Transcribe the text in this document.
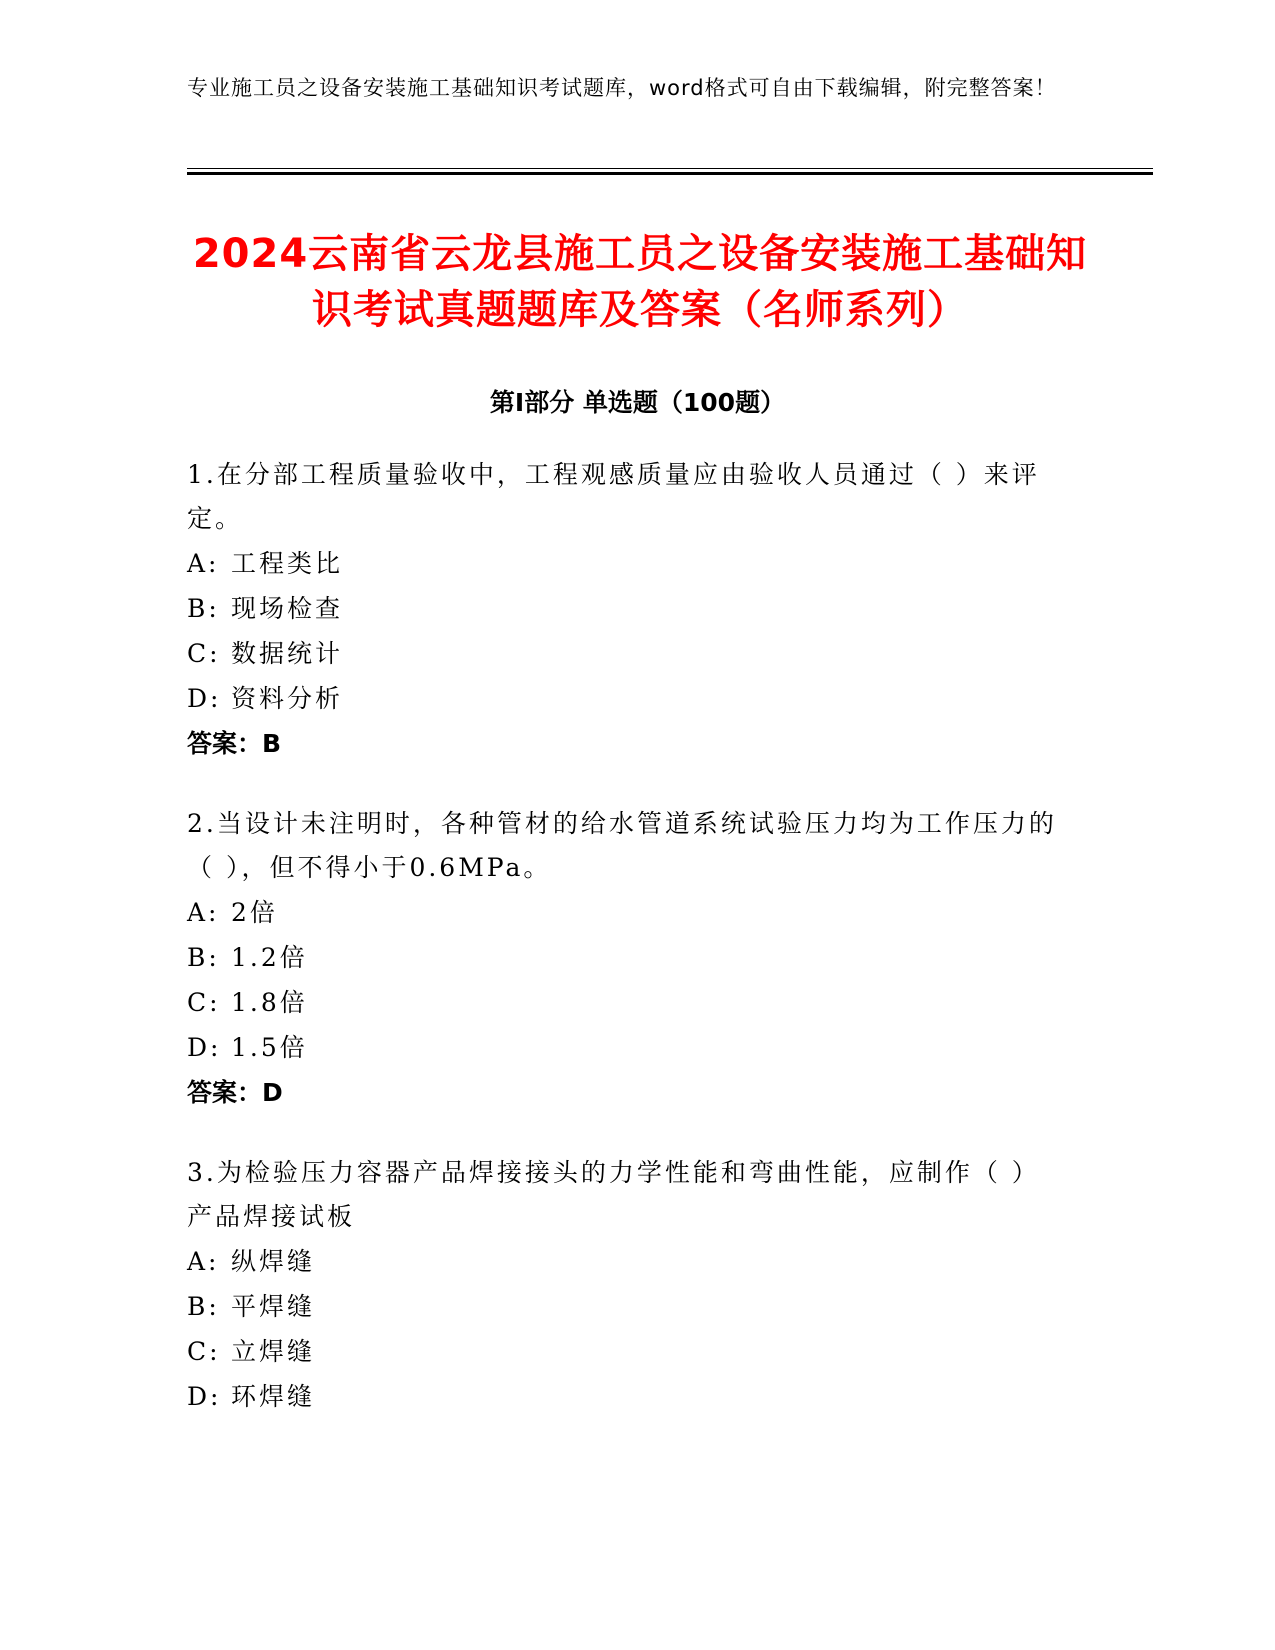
专业施工员之设备安装施工基础知识考试题库，word格式可自由下载编辑，附完整答案！
2024云南省云龙县施工员之设备安装施工基础知识考试真题题库及答案（名师系列）
第Ⅰ部分 单选题（100题）

1.在分部工程质量验收中，工程观感质量应由验收人员通过（ ）来评定。

A: 工程类比

B: 现场检查

C: 数据统计

D: 资料分析

答案：B

2.当设计未注明时，各种管材的给水管道系统试验压力均为工作压力的（ ），但不得小于0.6MPa。

A: 2倍

B: 1.2倍

C: 1.8倍

D: 1.5倍

答案：D

3.为检验压力容器产品焊接接头的力学性能和弯曲性能，应制作（ ）产品焊接试板

A: 纵焊缝

B: 平焊缝

C: 立焊缝

D: 环焊缝
